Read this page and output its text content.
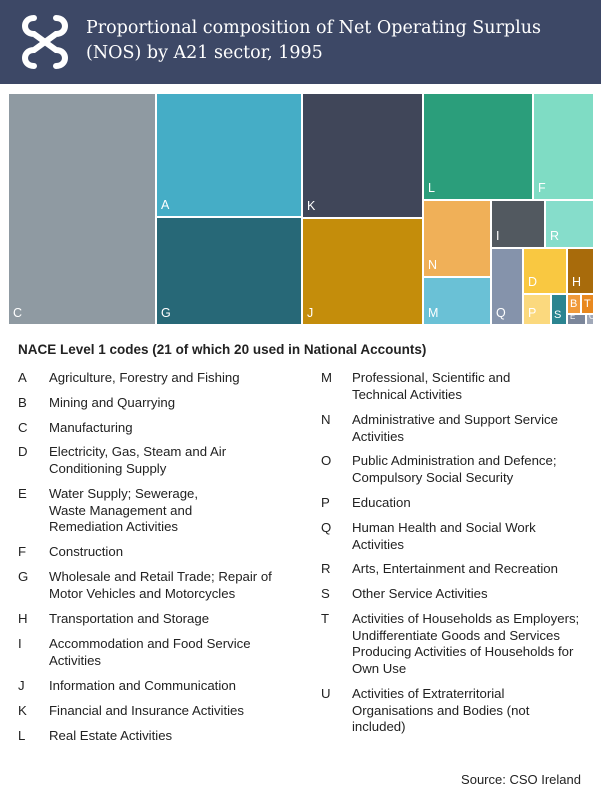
Proportional composition of Net Operating Surplus (NOS) by A21 sector, 1995
C
A
G
K
J
L	F
N
M
I	R
Q
D	H
P S
B T
E O
NACE Level 1 codes (21 of which 20 used in National Accounts)
A Agriculture, Forestry and Fishing
B Mining and Quarrying
C Manufacturing
D Electricity, Gas, Steam and Air Conditioning Supply
E Water Supply; Sewerage, Waste Management and Remediation Activities
F Construction
G Wholesale and Retail Trade; Repair of Motor Vehicles and Motorcycles
H Transportation and Storage
I Accommodation and Food Service Activities
J Information and Communication
K Financial and Insurance Activities
L Real Estate Activities
M Professional, Scientific and Technical Activities
N Administrative and Support Service Activities
O Public Administration and Defence; Compulsory Social Security
P Education
Q Human Health and Social Work Activities
R Arts, Entertainment and Recreation
S Other Service Activities
T Activities of Households as Employers; Undifferentiate Goods and Services Producing Activities of Households for Own Use
U Activities of Extraterritorial Organisations and Bodies (not included)
Source: CSO Ireland
